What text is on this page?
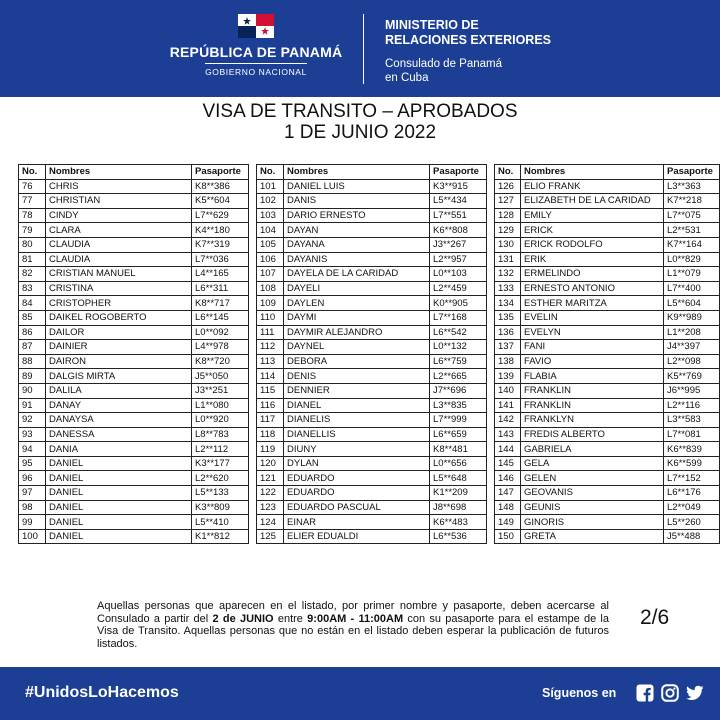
REPÚBLICA DE PANAMÁ
GOBIERNO NACIONAL
MINISTERIO DE
RELACIONES EXTERIORES
Consulado de Panamá
en Cuba
VISA DE TRANSITO – APROBADOS
1 DE JUNIO 2022
No.	Nombres	Pasaporte
76	CHRIS	K8**386
77	CHRISTIAN	K5**604
78	CINDY	L7**629
79	CLARA	K4**180
80	CLAUDIA	K7**319
81	CLAUDIA	L7**036
82	CRISTIAN MANUEL	L4**165
83	CRISTINA	L6**311
84	CRISTOPHER	K8**717
85	DAIKEL ROGOBERTO	L6**145
86	DAILOR	L0**092
87	DAINIER	L4**978
88	DAIRON	K8**720
89	DALGIS MIRTA	J5**050
90	DALILA	J3**251
91	DANAY	L1**080
92	DANAYSA	L0**920
93	DANESSA	L8**783
94	DANIA	L2**112
95	DANIEL	K3**177
96	DANIEL	L2**620
97	DANIEL	L5**133
98	DANIEL	K3**809
99	DANIEL	L5**410
100	DANIEL	K1**812
No.	Nombres	Pasaporte
101	DANIEL LUIS	K3**915
102	DANIS	L5**434
103	DARIO ERNESTO	L7**551
104	DAYAN	K6**808
105	DAYANA	J3**267
106	DAYANIS	L2**957
107	DAYELA DE LA CARIDAD	L0**103
108	DAYELI	L2**459
109	DAYLEN	K0**905
110	DAYMI	L7**168
111	DAYMIR ALEJANDRO	L6**542
112	DAYNEL	L0**132
113	DEBORA	L6**759
114	DENIS	L2**665
115	DENNIER	J7**696
116	DIANEL	L3**835
117	DIANELIS	L7**999
118	DIANELLIS	L6**659
119	DIUNY	K8**481
120	DYLAN	L0**656
121	EDUARDO	L5**648
122	EDUARDO	K1**209
123	EDUARDO PASCUAL	J8**698
124	EINAR	K6**483
125	ELIER EDUALDI	L6**536
No.	Nombres	Pasaporte
126	ELIO FRANK	L3**363
127	ELIZABETH DE LA CARIDAD	K7**218
128	EMILY	L7**075
129	ERICK	L2**531
130	ERICK RODOLFO	K7**164
131	ERIK	L0**829
132	ERMELINDO	L1**079
133	ERNESTO ANTONIO	L7**400
134	ESTHER MARITZA	L5**604
135	EVELIN	K9**989
136	EVELYN	L1**208
137	FANI	J4**397
138	FAVIO	L2**098
139	FLABIA	K5**769
140	FRANKLIN	J6**995
141	FRANKLIN	L2**116
142	FRANKLYN	L3**583
143	FREDIS ALBERTO	L7**081
144	GABRIELA	K6**839
145	GELA	K6**599
146	GELEN	L7**152
147	GEOVANIS	L6**176
148	GEUNIS	L2**049
149	GINORIS	L5**260
150	GRETA	J5**488
Aquellas personas que aparecen en el listado, por primer nombre y pasaporte, deben acercarse al Consulado a partir del 2 de JUNIO entre 9:00AM - 11:00AM con su pasaporte para el estampe de la Visa de Transito. Aquellas personas que no están en el listado deben esperar la publicación de futuros listados.
2/6
#UnidosLoHacemos	Síguenos en
